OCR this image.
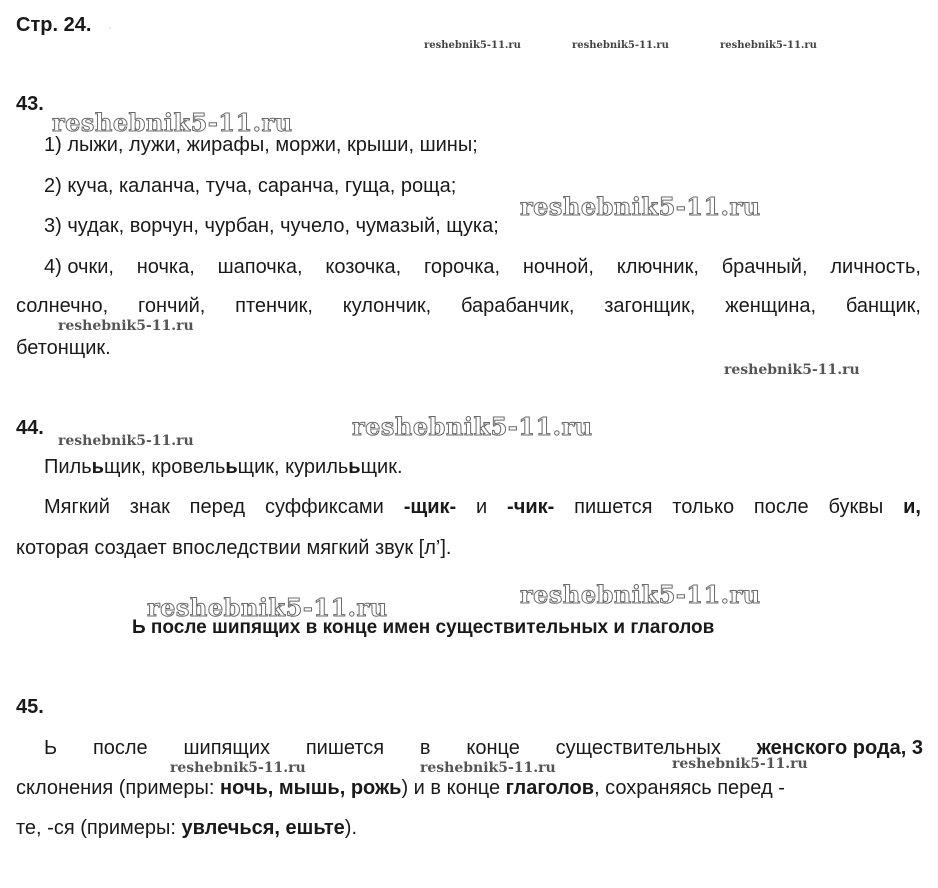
Стр. 24. .
reshebnik5-11.ru	reshebnik5-11.ru	reshebnik5-11.ru
43.
reshebnik5-11.ru
1) лыжи, лужи, жирафы, моржи, крыши, шины;
2) куча, каланча, туча, саранча, гуща, роща;
reshebnik5-11.ru
3) чудак, ворчун, чурбан, чучело, чумазый, щука;
4) очки, ночка, шапочка, козочка, горочка, ночной, ключник, брачный, личность,
солнечно, гончий, птенчик, кулончик, барабанчик, загонщик, женщина, банщик,
reshebnik5-11.ru
бетонщик.
reshebnik5-11.ru
44.	reshebnik5-11.ru
reshebnik5-11.ru
Пилььщик, кровелььщик, курилььщик.
Мягкий знак перед суффиксами -щик- и -чик- пишется только после буквы и,
которая создает впоследствии мягкий звук [л’].
reshebnik5-11.ru
reshebnik5-11.ru
Ь после шипящих в конце имен существительных и глаголов
45.
Ь после шипящих пишется в конце существительных женского рода, 3
reshebnik5-11.ru	reshebnik5-11.ru	reshebnik5-11.ru
склонения (примеры: ночь, мышь, рожь) и в конце глаголов, сохраняясь перед -
те, -ся (примеры: увлечься, ешьте).
